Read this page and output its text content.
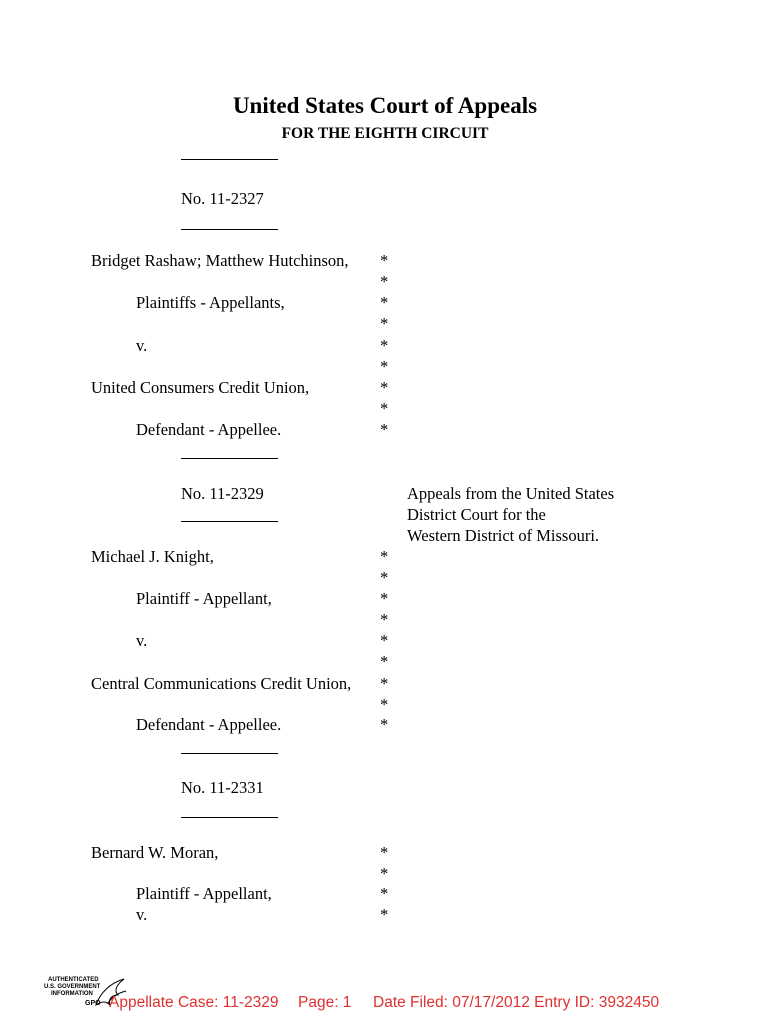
United States Court of Appeals
FOR THE EIGHTH CIRCUIT
No. 11-2327
Bridget Rashaw; Matthew Hutchinson,
Plaintiffs - Appellants,
v.
United Consumers Credit Union,
Defendant - Appellee.
*
*
*
*
*
*
*
*
*
No. 11-2329	Appeals from the United States
District Court for the
Western District of Missouri.
Michael J. Knight,
Plaintiff - Appellant,
v.
Central Communications Credit Union,
Defendant - Appellee.
*
*
*
*
*
*
*
*
*
No. 11-2331
Bernard W. Moran,
Plaintiff - Appellant,
v.
*
*
*
*
AUTHENTICATED
U.S. GOVERNMENT
INFORMATION
GPO Appellate Case: 11-2329 Page: 1 Date Filed: 07/17/2012 Entry ID: 3932450
